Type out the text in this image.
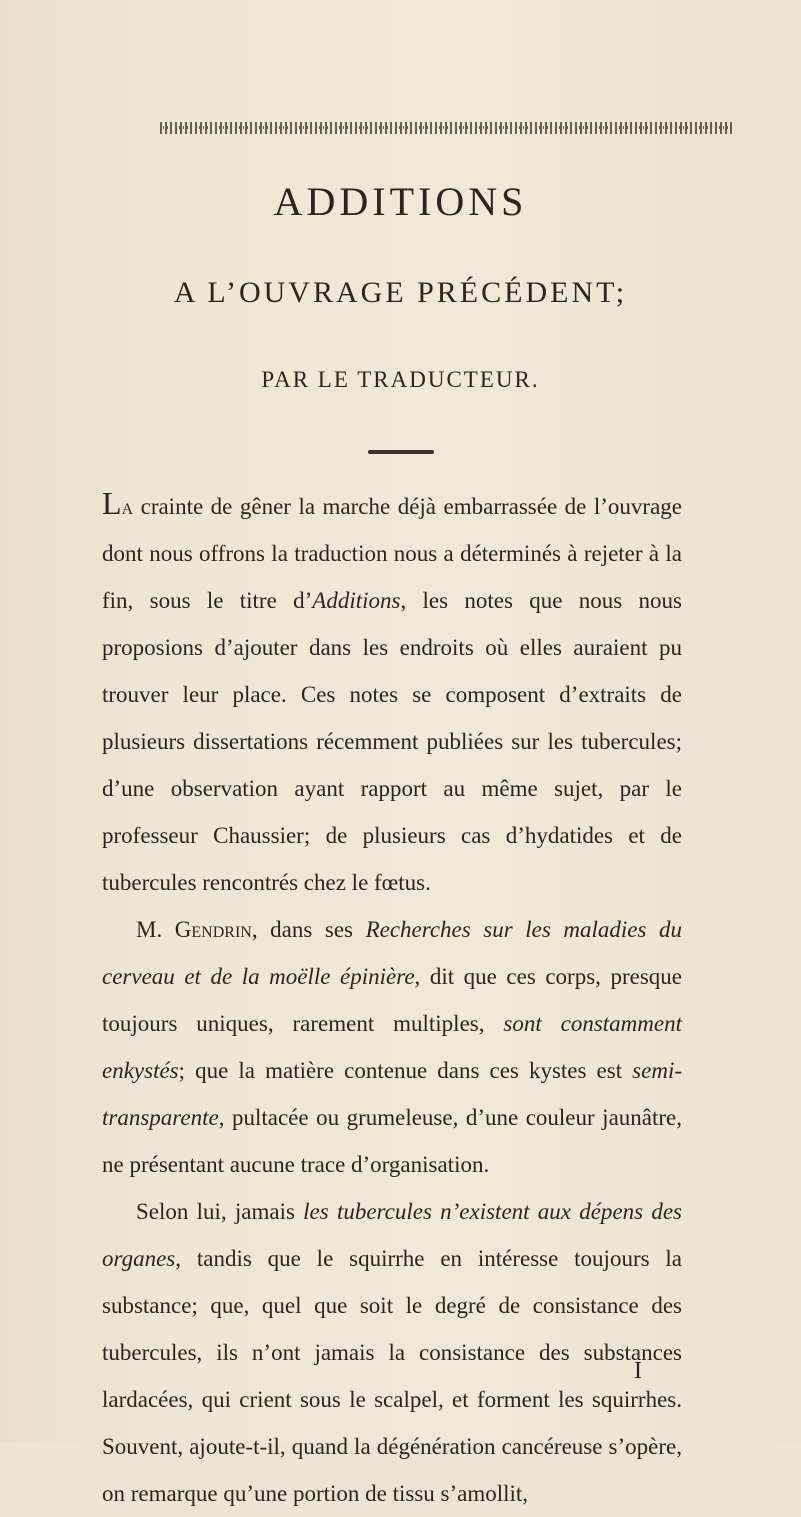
ADDITIONS
A L’OUVRAGE PRÉCÉDENT;
PAR LE TRADUCTEUR.

La crainte de gêner la marche déjà embarrassée de l’ouvrage dont nous offrons la traduction nous a déterminés à rejeter à la fin, sous le titre d’Additions, les notes que nous nous proposions d’ajouter dans les endroits où elles auraient pu trouver leur place. Ces notes se composent d’extraits de plusieurs dissertations récemment publiées sur les tubercules; d’une observation ayant rapport au même sujet, par le professeur Chaussier; de plusieurs cas d’hydatides et de tubercules rencontrés chez le fœtus.

M. Gendrin, dans ses Recherches sur les maladies du cerveau et de la moëlle épinière, dit que ces corps, presque toujours uniques, rarement multiples, sont constamment enkystés; que la matière contenue dans ces kystes est semi-transparente, pultacée ou grumeleuse, d’une couleur jaunâtre, ne présentant aucune trace d’organisation.

Selon lui, jamais les tubercules n’existent aux dépens des organes, tandis que le squirrhe en intéresse toujours la substance; que, quel que soit le degré de consistance des tubercules, ils n’ont jamais la consistance des substances lardacées, qui crient sous le scalpel, et forment les squirrhes. Souvent, ajoute-t-il, quand la dégénération cancéreuse s’opère, on remarque qu’une portion de tissu s’amollit,

I
